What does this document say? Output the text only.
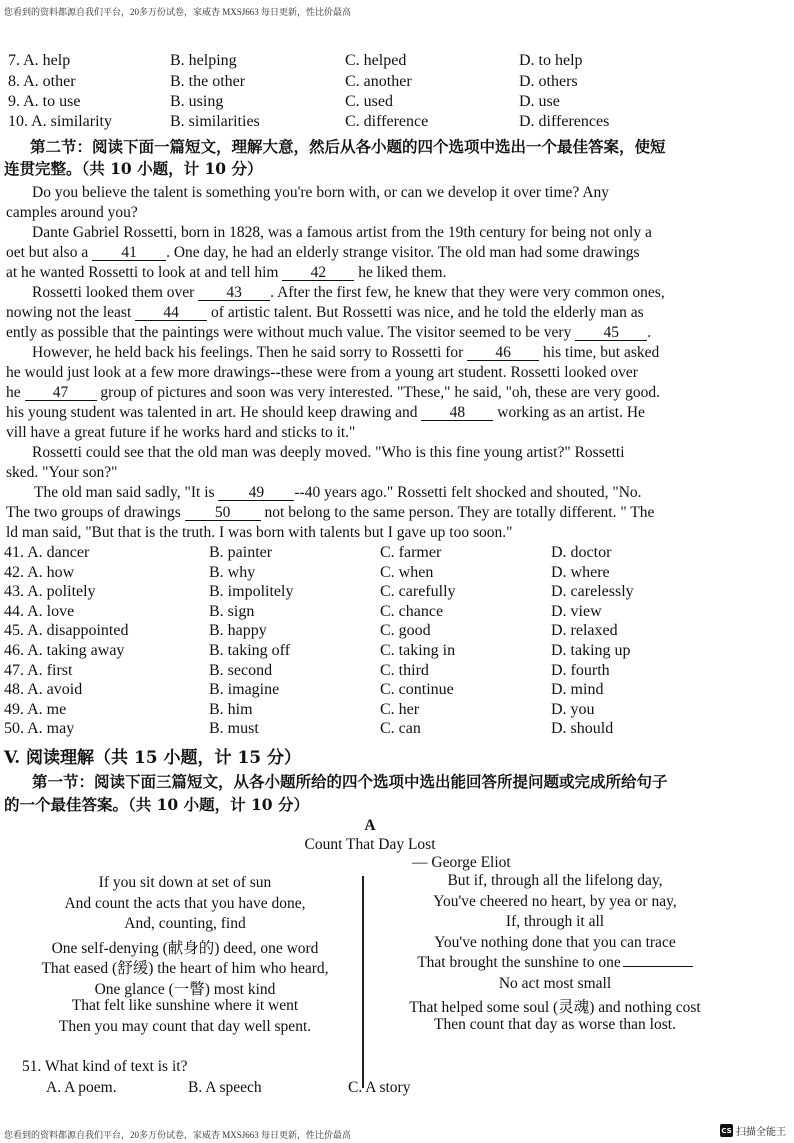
您看到的资料都源自我们平台，20多万份试卷，家威杏 MXSJ663 每日更新，性比价最高
您看到的资料都源自我们平台，20多万份试卷，家威杏 MXSJ663 每日更新，性比价最高	CS 扫描全能王
7. A. help	B. helping	C. helped	D. to help
8. A. other	B. the other	C. another	D. others
9. A. to use	B. using	C. used	D. use
10. A. similarity	B. similarities	C. difference	D. differences
第二节：阅读下面一篇短文，理解大意，然后从各小题的四个选项中选出一个最佳答案，使短
连贯完整。（共 10 小题，计 10 分）
Do you believe the talent is something you're born with, or can we develop it over time? Any
camples around you?
Dante Gabriel Rossetti, born in 1828, was a famous artist from the 19th century for being not only a
oet but also a 41 . One day, he had an elderly strange visitor. The old man had some drawings
at he wanted Rossetti to look at and tell him 42 he liked them.
Rossetti looked them over 43 . After the first few, he knew that they were very common ones,
nowing not the least 44 of artistic talent. But Rossetti was nice, and he told the elderly man as
ently as possible that the paintings were without much value. The visitor seemed to be very 45 .
However, he held back his feelings. Then he said sorry to Rossetti for 46 his time, but asked
he would just look at a few more drawings--these were from a young art student. Rossetti looked over
he 47 group of pictures and soon was very interested. "These," he said, "oh, these are very good.
his young student was talented in art. He should keep drawing and 48 working as an artist. He
vill have a great future if he works hard and sticks to it."
Rossetti could see that the old man was deeply moved. "Who is this fine young artist?" Rossetti
sked. "Your son?"
The old man said sadly, "It is 49 --40 years ago." Rossetti felt shocked and shouted, "No.
The two groups of drawings 50 not belong to the same person. They are totally different. " The
ld man said, "But that is the truth. I was born with talents but I gave up too soon."
41. A. dancer	B. painter	C. farmer	D. doctor
42. A. how	B. why	C. when	D. where
43. A. politely	B. impolitely	C. carefully	D. carelessly
44. A. love	B. sign	C. chance	D. view
45. A. disappointed	B. happy	C. good	D. relaxed
46. A. taking away	B. taking off	C. taking in	D. taking up
47. A. first	B. second	C. third	D. fourth
48. A. avoid	B. imagine	C. continue	D. mind
49. A. me	B. him	C. her	D. you
50. A. may	B. must	C. can	D. should
V. 阅读理解（共 15 小题，计 15 分）
第一节：阅读下面三篇短文，从各小题所给的四个选项中选出能回答所提问题或完成所给句子
的一个最佳答案。（共 10 小题，计 10 分）
A
Count That Day Lost
— George Eliot
If you sit down at set of sun
And count the acts that you have done,
And, counting, find
One self-denying (献身的) deed, one word
That eased (舒缓) the heart of him who heard,
One glance (一瞥) most kind
That felt like sunshine where it went
Then you may count that day well spent.
But if, through all the lifelong day,
You've cheered no heart, by yea or nay,
If, through it all
You've nothing done that you can trace
That brought the sunshine to one
No act most small
That helped some soul (灵魂) and nothing cost
Then count that day as worse than lost.
51. What kind of text is it?
A. A poem.	B. A speech	C. A story
